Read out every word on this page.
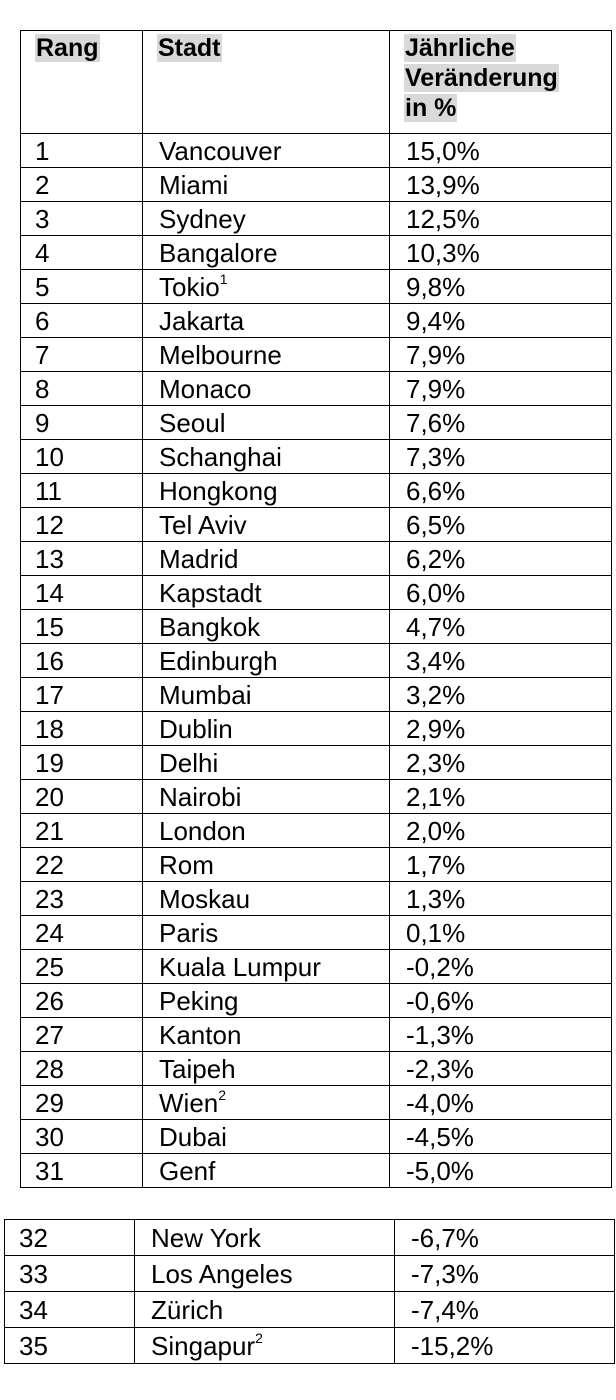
Rang	Stadt	Jährliche
Veränderung
in %
1	Vancouver	15,0%
2	Miami	13,9%
3	Sydney	12,5%
4	Bangalore	10,3%
5	Tokio$^1$	9,8%
6	Jakarta	9,4%
7	Melbourne	7,9%
8	Monaco	7,9%
9	Seoul	7,6%
10	Schanghai	7,3%
11	Hongkong	6,6%
12	Tel Aviv	6,5%
13	Madrid	6,2%
14	Kapstadt	6,0%
15	Bangkok	4,7%
16	Edinburgh	3,4%
17	Mumbai	3,2%
18	Dublin	2,9%
19	Delhi	2,3%
20	Nairobi	2,1%
21	London	2,0%
22	Rom	1,7%
23	Moskau	1,3%
24	Paris	0,1%
25	Kuala Lumpur	-0,2%
26	Peking	-0,6%
27	Kanton	-1,3%
28	Taipeh	-2,3%
29	Wien$^2$	-4,0%
30	Dubai	-4,5%
31	Genf	-5,0%
32	New York	-6,7%
33	Los Angeles	-7,3%
34	Zürich	-7,4%
35	Singapur$^2$	-15,2%
